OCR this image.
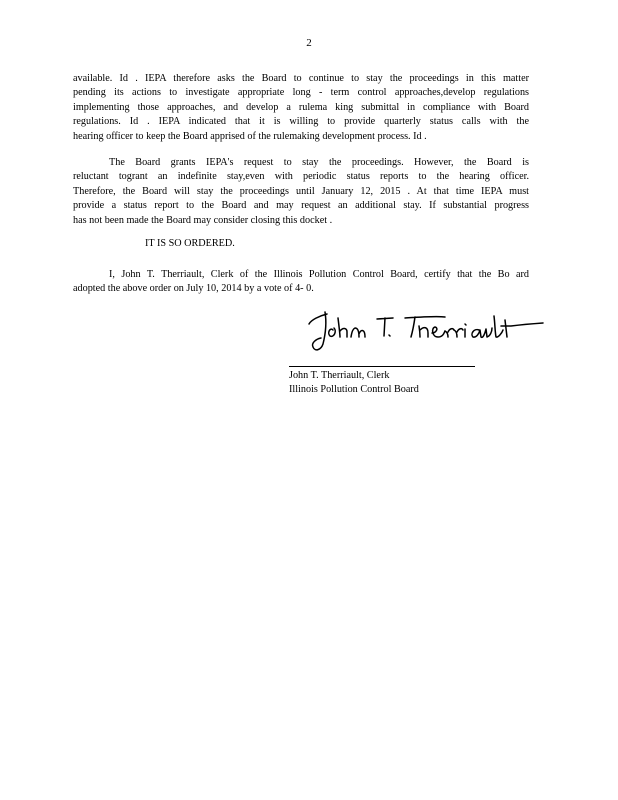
2
available. Id . IEPA therefore asks the Board to continue to stay the proceedings in this matter
pending its actions to investigate appropriate long - term control approaches,develop regulations
implementing those approaches, and develop a rulema king submittal in compliance with Board
regulations. Id . IEPA indicated that it is willing to provide quarterly status calls with the
hearing officer to keep the Board apprised of the rulemaking development process. Id .
The Board grants IEPA's request to stay the proceedings. However, the Board is
reluctant togrant an indefinite stay,even with periodic status reports to the hearing officer.
Therefore, the Board will stay the proceedings until January 12, 2015 . At that time IEPA must
provide a status report to the Board and may request an additional stay. If substantial progress
has not been made the Board may consider closing this docket .
IT IS SO ORDERED.
I, John T. Therriault, Clerk of the Illinois Pollution Control Board, certify that the Bo ard
adopted the above order on July 10, 2014 by a vote of 4- 0.
John T. Therriault, Clerk
Illinois Pollution Control Board
